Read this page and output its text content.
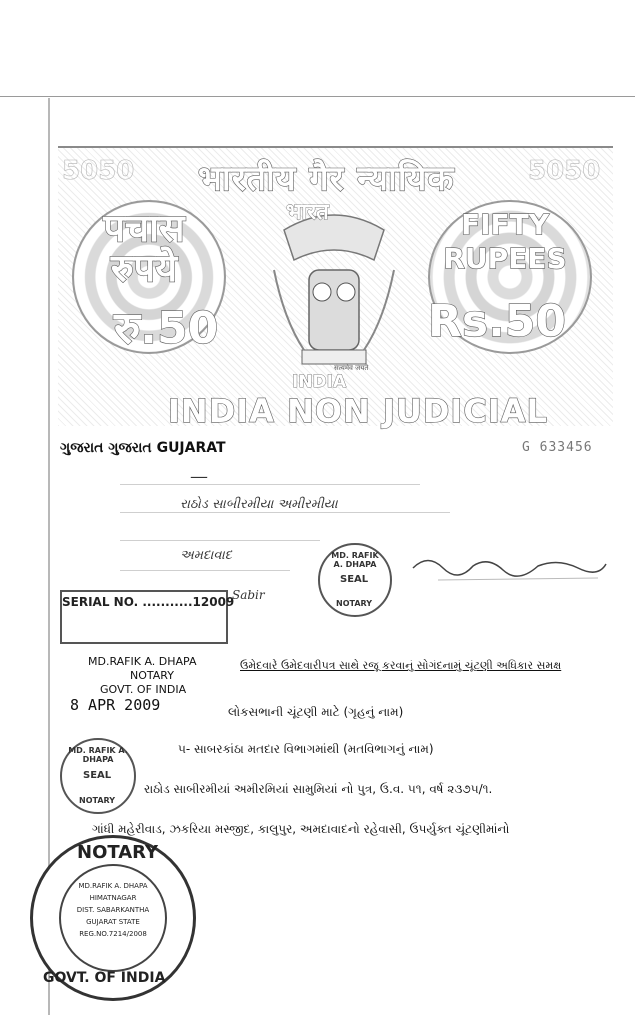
5050	5050
भारतीय गैर न्यायिक
पचास रुपये
FIFTY RUPEES
भारत
सत्यमेव जयते
INDIA
रु.50	Rs.50
INDIA NON JUDICIAL
ગુજરાત ગુજરાત GUJARAT	G 633456
—
રાઠોડ સાબીરમીયા અમીરમીયા
અમદાવાદ
Sabir
MD. RAFIK A. DHAPA
SEAL
NOTARY
SERIAL NO. ...........12009
MD.RAFIK A. DHAPA
NOTARY
GOVT. OF INDIA
ઉમેદવારે ઉમેદવારીપત્ર સાથે રજૂ કરવાનું સોગંદનામું ચૂંટણી અધિકાર સમક્ષ
8 APR 2009	લોકસભાની ચૂંટણી માટે (ગૃહનું નામ)
૫- સાબરકાંઠા મતદાર વિભાગમાંથી (મતવિભાગનું નામ)
MD. RAFIK A. DHAPA
SEAL
NOTARY
રાઠોડ સાબીરમીયાં અમીરમિયાં સામુમિયાં નો પુત્ર, ઉ.વ. ૫૧, વર્ષ ૨૩૭૫/૧.
ગાંધી મહેરીવાડ, ઝકરિયા મસ્જીદ, કાલુપુર, અમદાવાદનો રહેવાસી, ઉપર્યુક્ત ચૂંટણીમાંનો
NOTARY
GOVT. OF INDIA
MD.RAFIK A. DHAPA
HIMATNAGAR
DIST. SABARKANTHA
GUJARAT STATE
REG.NO.7214/2008
